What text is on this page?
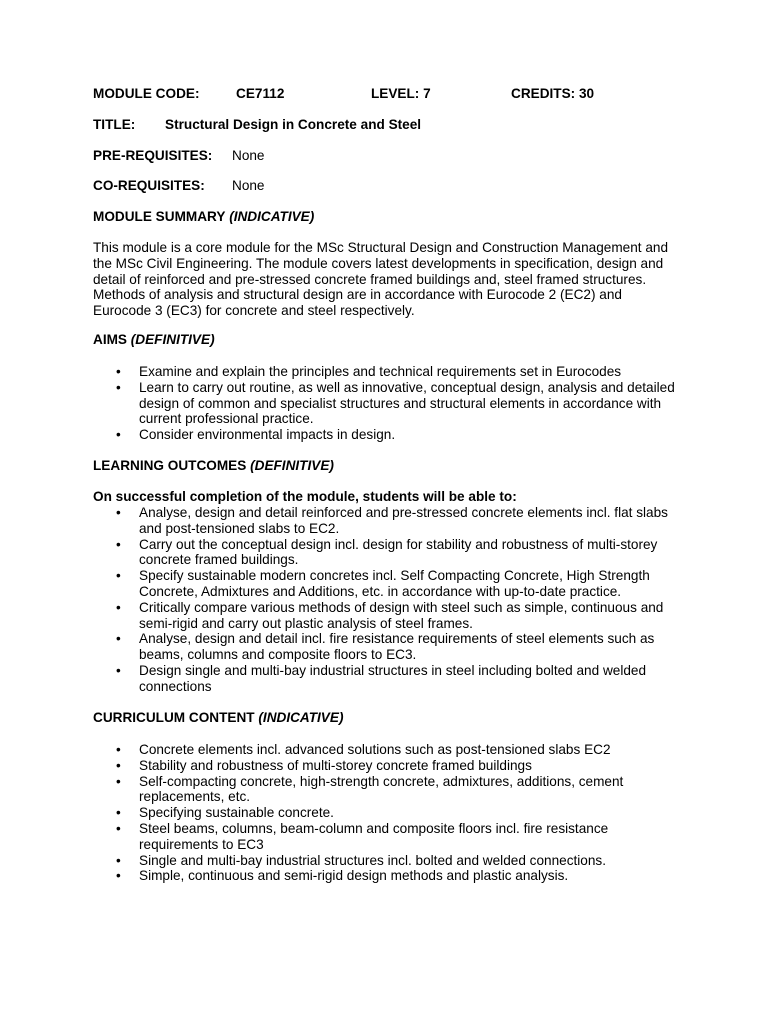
MODULE CODE:	CE7112	LEVEL: 7	CREDITS: 30
TITLE: Structural Design in Concrete and Steel
PRE-REQUISITES: None
CO-REQUISITES: None
MODULE SUMMARY (INDICATIVE)

This module is a core module for the MSc Structural Design and Construction Management and the MSc Civil Engineering. The module covers latest developments in specification, design and detail of reinforced and pre-stressed concrete framed buildings and, steel framed structures. Methods of analysis and structural design are in accordance with Eurocode 2 (EC2) and Eurocode 3 (EC3) for concrete and steel respectively.

AIMS (DEFINITIVE)
• Examine and explain the principles and technical requirements set in Eurocodes
• Learn to carry out routine, as well as innovative, conceptual design, analysis and detailed design of common and specialist structures and structural elements in accordance with current professional practice.
• Consider environmental impacts in design.
LEARNING OUTCOMES (DEFINITIVE)
On successful completion of the module, students will be able to:
• Analyse, design and detail reinforced and pre-stressed concrete elements incl. flat slabs and post-tensioned slabs to EC2.
• Carry out the conceptual design incl. design for stability and robustness of multi-storey concrete framed buildings.
• Specify sustainable modern concretes incl. Self Compacting Concrete, High Strength Concrete, Admixtures and Additions, etc. in accordance with up-to-date practice.
• Critically compare various methods of design with steel such as simple, continuous and semi-rigid and carry out plastic analysis of steel frames.
• Analyse, design and detail incl. fire resistance requirements of steel elements such as beams, columns and composite floors to EC3.
• Design single and multi-bay industrial structures in steel including bolted and welded connections
CURRICULUM CONTENT (INDICATIVE)
• Concrete elements incl. advanced solutions such as post-tensioned slabs EC2
• Stability and robustness of multi-storey concrete framed buildings
• Self-compacting concrete, high-strength concrete, admixtures, additions, cement replacements, etc.
• Specifying sustainable concrete.
• Steel beams, columns, beam-column and composite floors incl. fire resistance requirements to EC3
• Single and multi-bay industrial structures incl. bolted and welded connections.
• Simple, continuous and semi-rigid design methods and plastic analysis.
